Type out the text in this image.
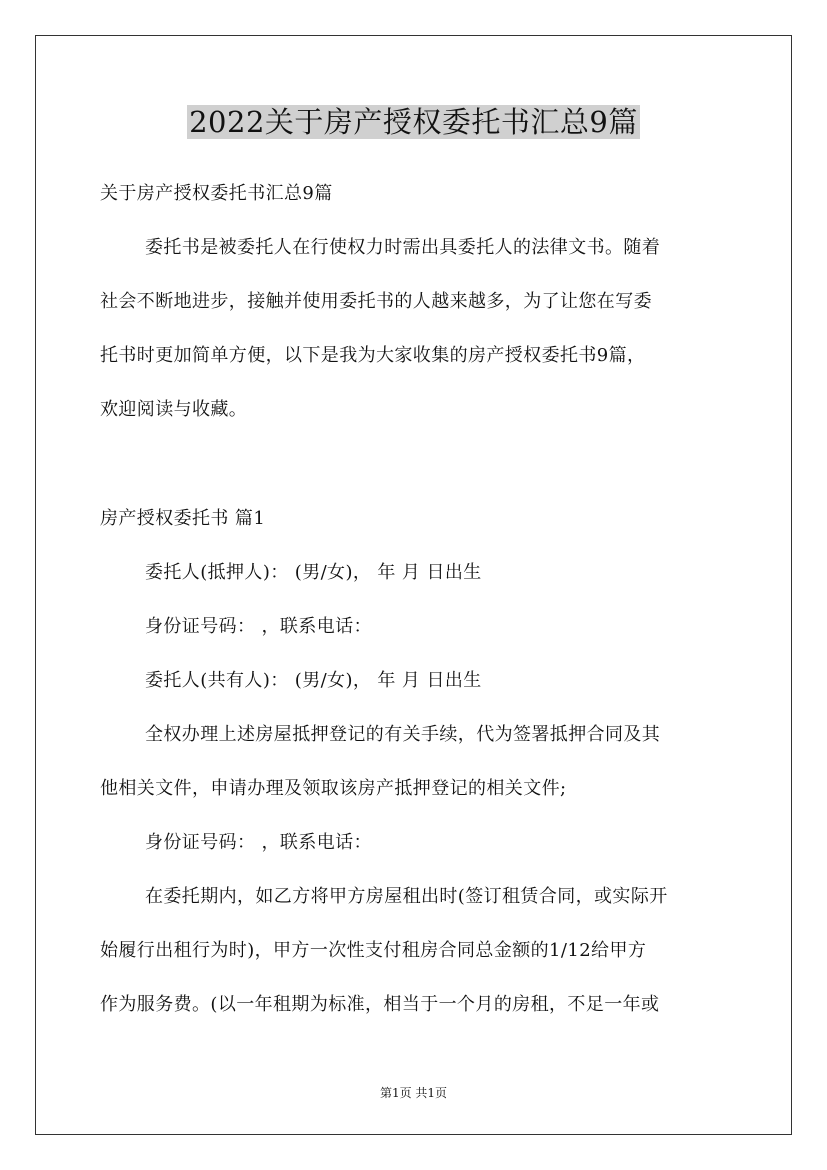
2022关于房产授权委托书汇总9篇
关于房产授权委托书汇总9篇
委托书是被委托人在行使权力时需出具委托人的法律文书。随着
社会不断地进步，接触并使用委托书的人越来越多，为了让您在写委
托书时更加简单方便，以下是我为大家收集的房产授权委托书9篇，
欢迎阅读与收藏。
房产授权委托书 篇1
委托人(抵押人)： (男/女)， 年 月 日出生
身份证号码： ，联系电话：
委托人(共有人)： (男/女)， 年 月 日出生
全权办理上述房屋抵押登记的有关手续，代为签署抵押合同及其
他相关文件，申请办理及领取该房产抵押登记的相关文件;
身份证号码： ，联系电话：
在委托期内，如乙方将甲方房屋租出时(签订租赁合同，或实际开
始履行出租行为时)，甲方一次性支付租房合同总金额的1/12给甲方
作为服务费。(以一年租期为标准，相当于一个月的房租，不足一年或
第1页 共1页
